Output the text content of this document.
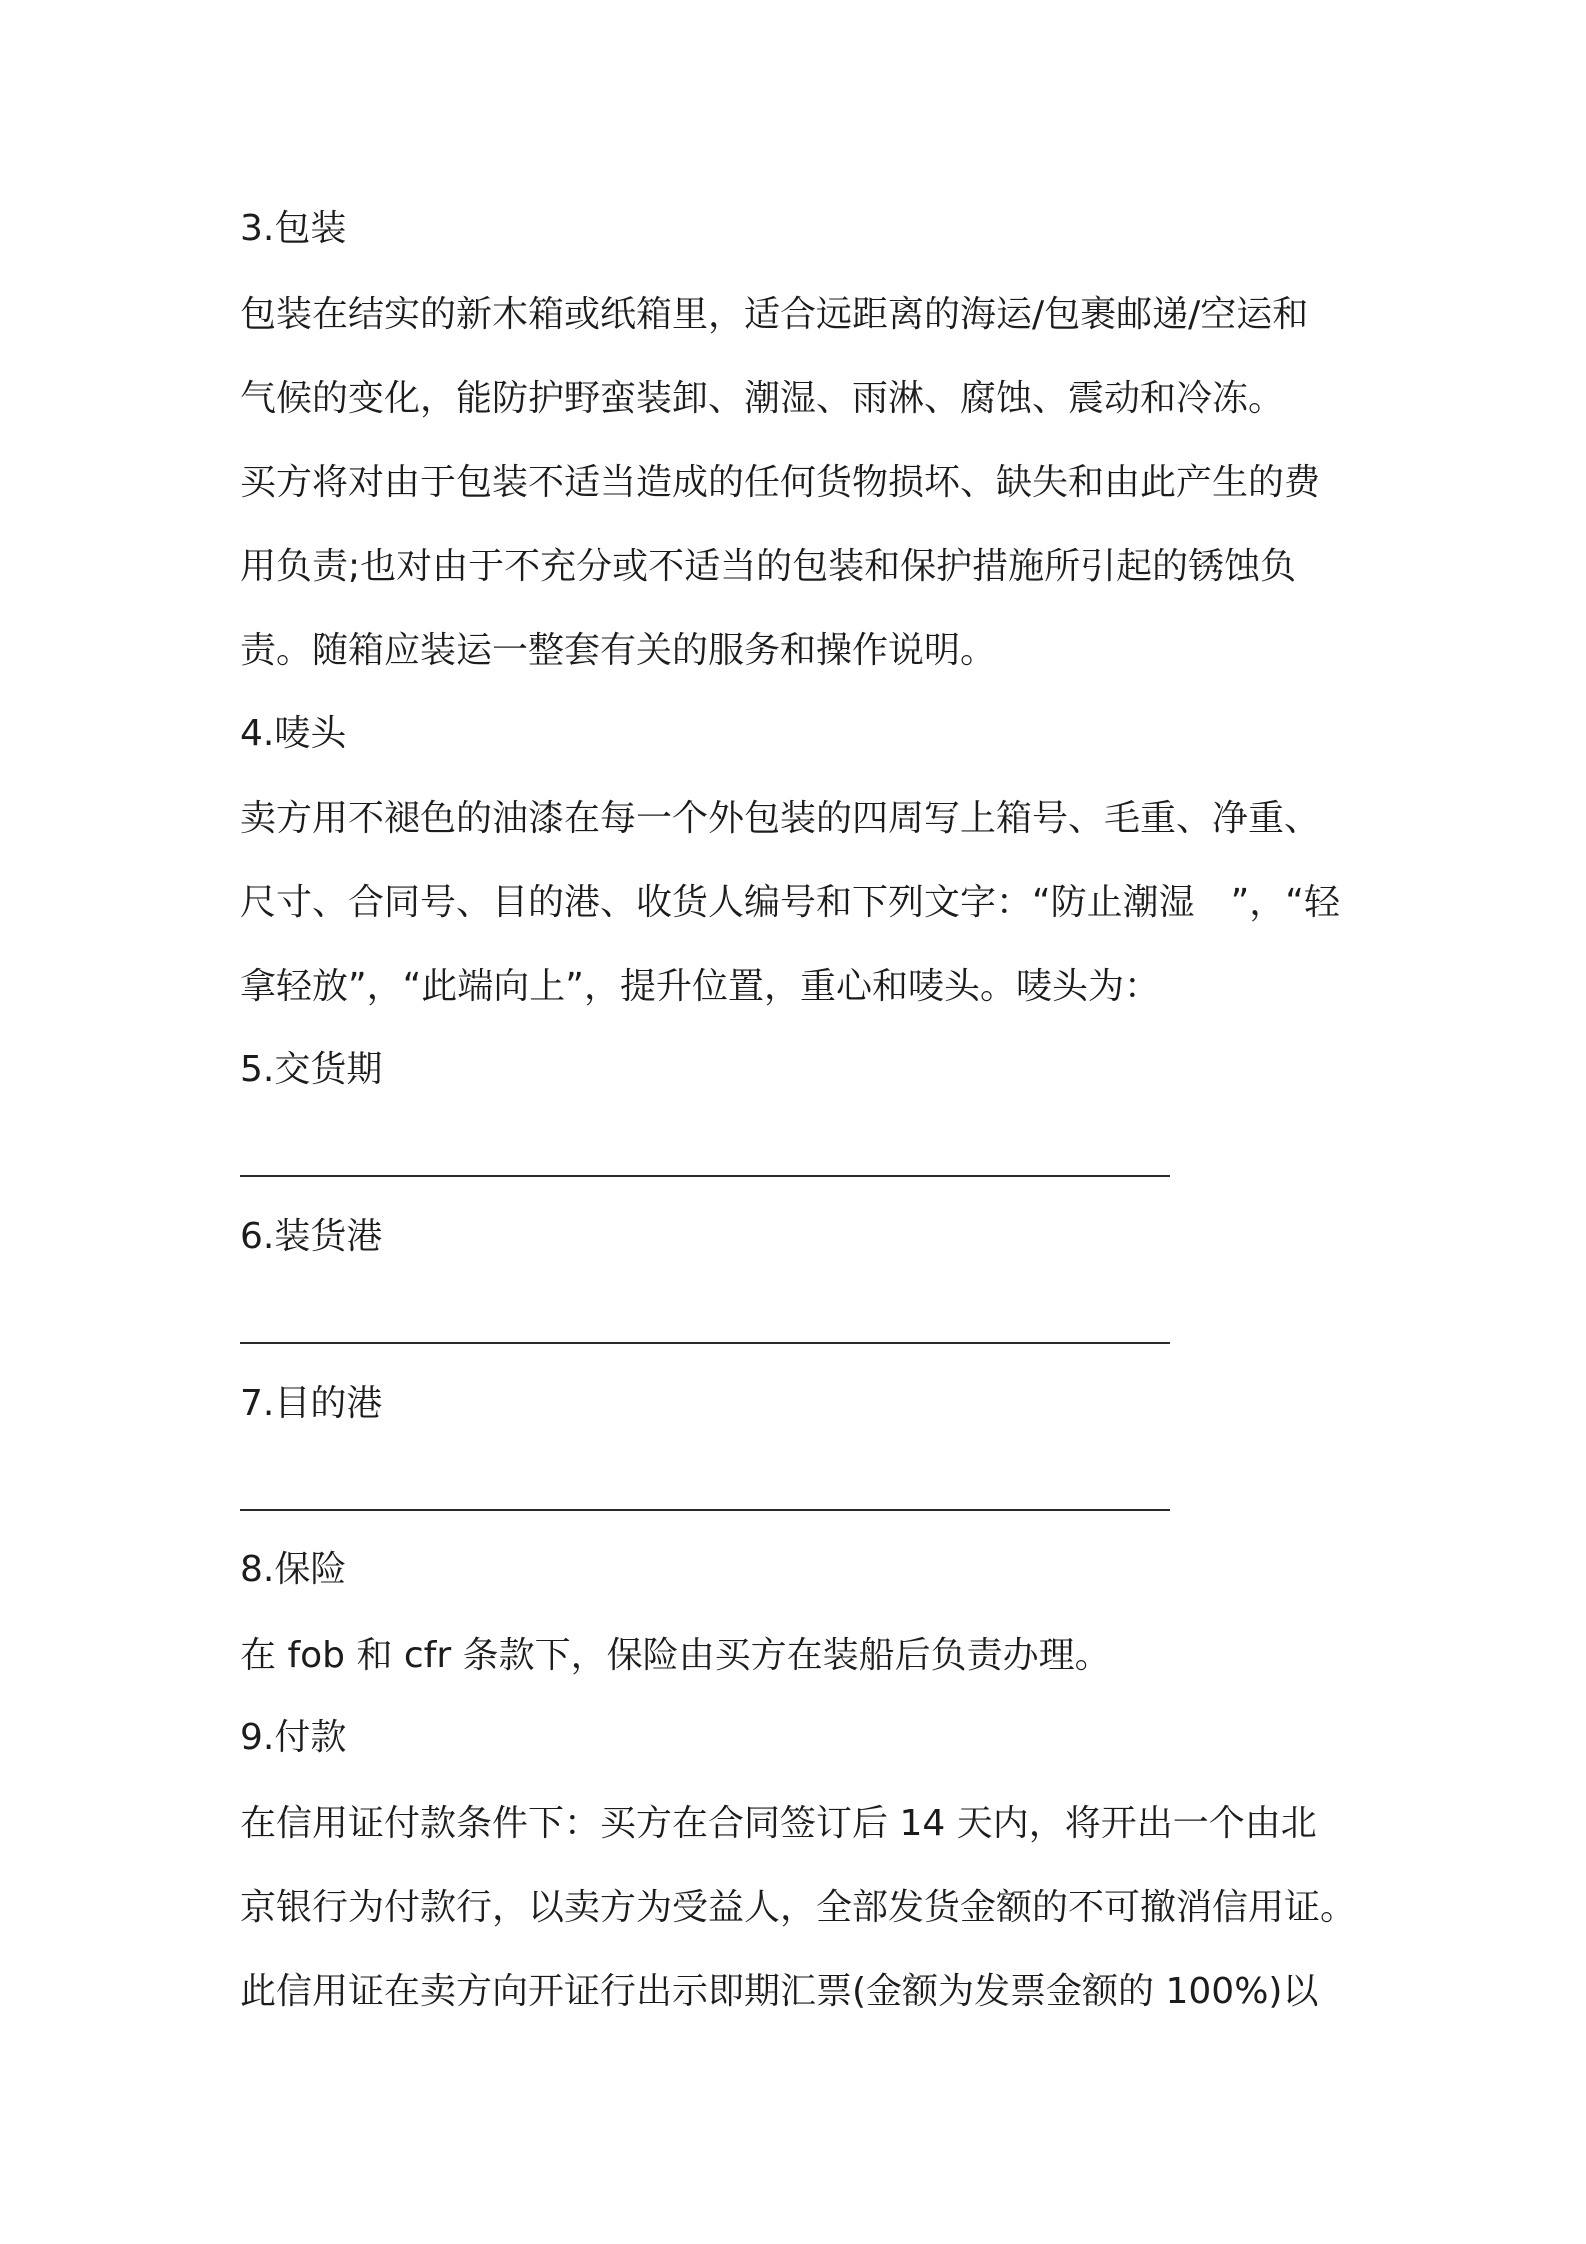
3.包装
包装在结实的新木箱或纸箱里，适合远距离的海运/包裹邮递/空运和
气候的变化，能防护野蛮装卸、潮湿、雨淋、腐蚀、震动和冷冻。
买方将对由于包装不适当造成的任何货物损坏、缺失和由此产生的费
用负责;也对由于不充分或不适当的包装和保护措施所引起的锈蚀负
责。随箱应装运一整套有关的服务和操作说明。
4.唛头
卖方用不褪色的油漆在每一个外包装的四周写上箱号、毛重、净重、
尺寸、合同号、目的港、收货人编号和下列文字：“防止潮湿　”，“轻
拿轻放”，“此端向上”，提升位置，重心和唛头。唛头为：
5.交货期
6.装货港
7.目的港
8.保险
在 fob 和 cfr 条款下，保险由买方在装船后负责办理。
9.付款
在信用证付款条件下：买方在合同签订后 14 天内，将开出一个由北
京银行为付款行，以卖方为受益人，全部发货金额的不可撤消信用证。
此信用证在卖方向开证行出示即期汇票(金额为发票金额的 100%)以
